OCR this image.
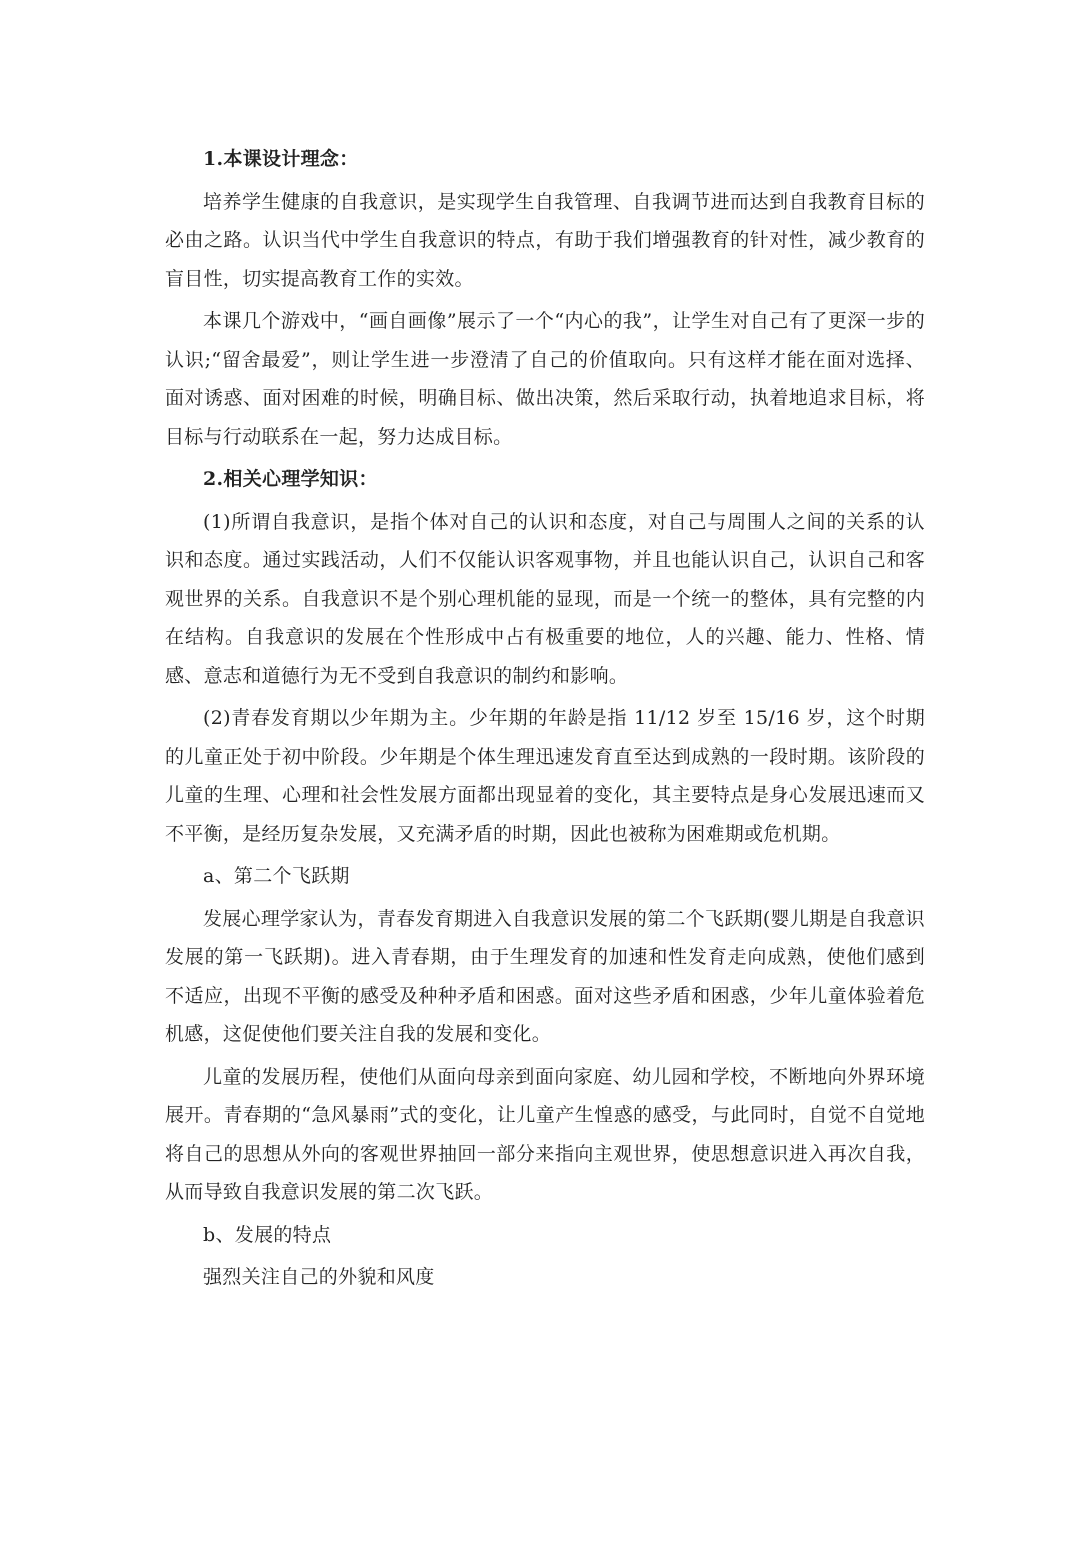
1.本课设计理念：

培养学生健康的自我意识，是实现学生自我管理、自我调节进而达到自我教育目标的必由之路。认识当代中学生自我意识的特点，有助于我们增强教育的针对性，减少教育的盲目性，切实提高教育工作的实效。

本课几个游戏中，“画自画像”展示了一个“内心的我”，让学生对自己有了更深一步的认识;“留舍最爱”，则让学生进一步澄清了自己的价值取向。只有这样才能在面对选择、面对诱惑、面对困难的时候，明确目标、做出决策，然后采取行动，执着地追求目标，将目标与行动联系在一起，努力达成目标。

2.相关心理学知识：

(1)所谓自我意识，是指个体对自己的认识和态度，对自己与周围人之间的关系的认识和态度。通过实践活动，人们不仅能认识客观事物，并且也能认识自己，认识自己和客观世界的关系。自我意识不是个别心理机能的显现，而是一个统一的整体，具有完整的内在结构。自我意识的发展在个性形成中占有极重要的地位，人的兴趣、能力、性格、情感、意志和道德行为无不受到自我意识的制约和影响。

(2)青春发育期以少年期为主。少年期的年龄是指 11/12 岁至 15/16 岁，这个时期的儿童正处于初中阶段。少年期是个体生理迅速发育直至达到成熟的一段时期。该阶段的儿童的生理、心理和社会性发展方面都出现显着的变化，其主要特点是身心发展迅速而又不平衡，是经历复杂发展，又充满矛盾的时期，因此也被称为困难期或危机期。

a、第二个飞跃期

发展心理学家认为，青春发育期进入自我意识发展的第二个飞跃期(婴儿期是自我意识发展的第一飞跃期)。进入青春期，由于生理发育的加速和性发育走向成熟，使他们感到不适应，出现不平衡的感受及种种矛盾和困惑。面对这些矛盾和困惑，少年儿童体验着危机感，这促使他们要关注自我的发展和变化。

儿童的发展历程，使他们从面向母亲到面向家庭、幼儿园和学校，不断地向外界环境展开。青春期的“急风暴雨”式的变化，让儿童产生惶惑的感受，与此同时，自觉不自觉地将自己的思想从外向的客观世界抽回一部分来指向主观世界，使思想意识进入再次自我，从而导致自我意识发展的第二次飞跃。

b、发展的特点

强烈关注自己的外貌和风度
